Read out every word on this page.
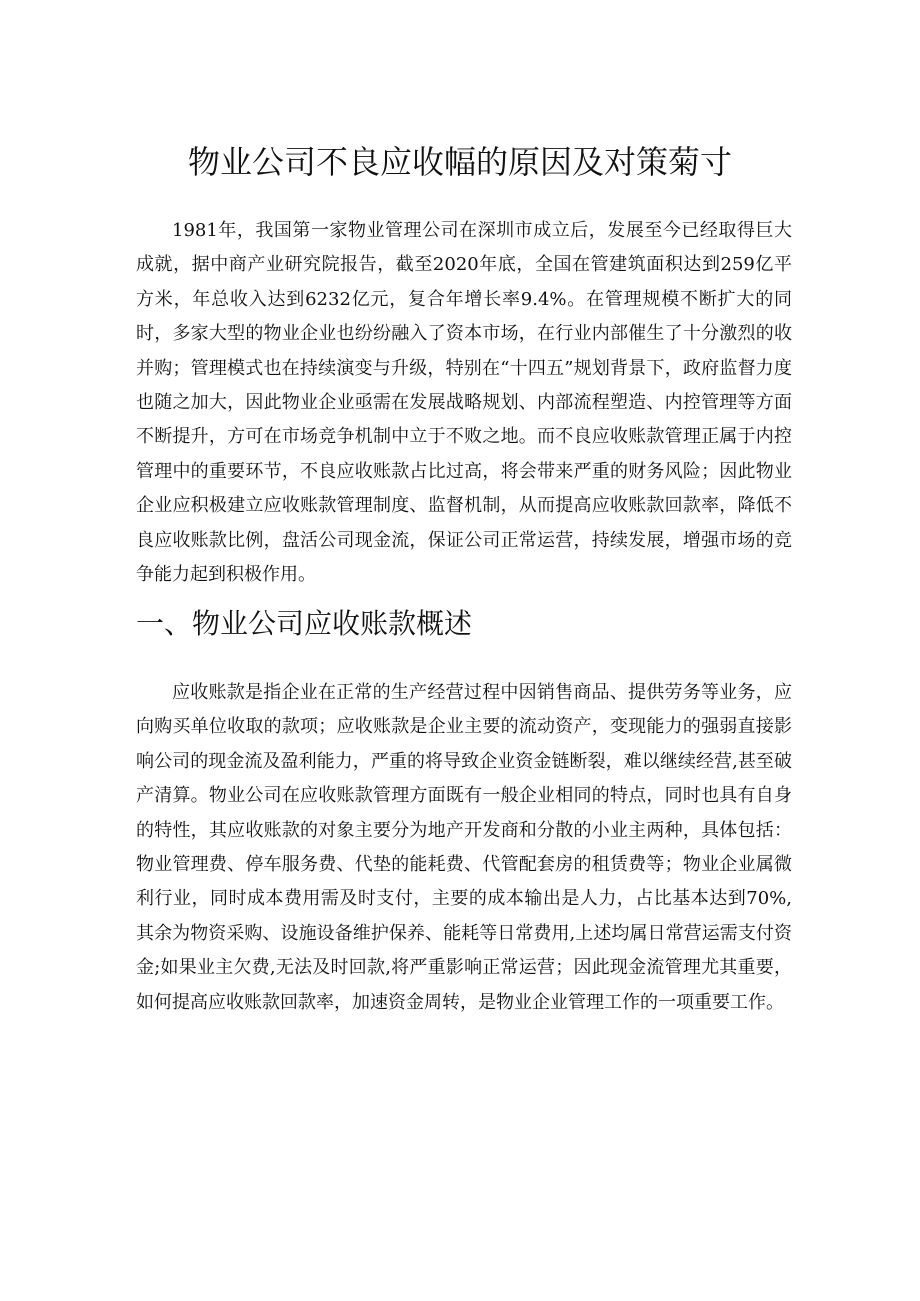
物业公司不良应收幅的原因及对策菊寸

1981年，我国第一家物业管理公司在深圳市成立后，发展至今已经取得巨大成就，据中商产业研究院报告，截至2020年底，全国在管建筑面积达到259亿平方米，年总收入达到6232亿元，复合年增长率9.4%。在管理规模不断扩大的同时，多家大型的物业企业也纷纷融入了资本市场，在行业内部催生了十分激烈的收并购；管理模式也在持续演变与升级，特别在“十四五”规划背景下，政府监督力度也随之加大，因此物业企业亟需在发展战略规划、内部流程塑造、内控管理等方面不断提升，方可在市场竞争机制中立于不败之地。而不良应收账款管理正属于内控管理中的重要环节，不良应收账款占比过高，将会带来严重的财务风险；因此物业企业应积极建立应收账款管理制度、监督机制，从而提高应收账款回款率，降低不良应收账款比例，盘活公司现金流，保证公司正常运营，持续发展，增强市场的竞争能力起到积极作用。

一、物业公司应收账款概述

应收账款是指企业在正常的生产经营过程中因销售商品、提供劳务等业务，应向购买单位收取的款项；应收账款是企业主要的流动资产，变现能力的强弱直接影响公司的现金流及盈利能力，严重的将导致企业资金链断裂，难以继续经营,甚至破产清算。物业公司在应收账款管理方面既有一般企业相同的特点，同时也具有自身的特性，其应收账款的对象主要分为地产开发商和分散的小业主两种，具体包括：物业管理费、停车服务费、代垫的能耗费、代管配套房的租赁费等；物业企业属微利行业，同时成本费用需及时支付，主要的成本输出是人力，占比基本达到70%,其余为物资采购、设施设备维护保养、能耗等日常费用,上述均属日常营运需支付资金;如果业主欠费,无法及时回款,将严重影响正常运营；因此现金流管理尤其重要，如何提高应收账款回款率，加速资金周转，是物业企业管理工作的一项重要工作。
